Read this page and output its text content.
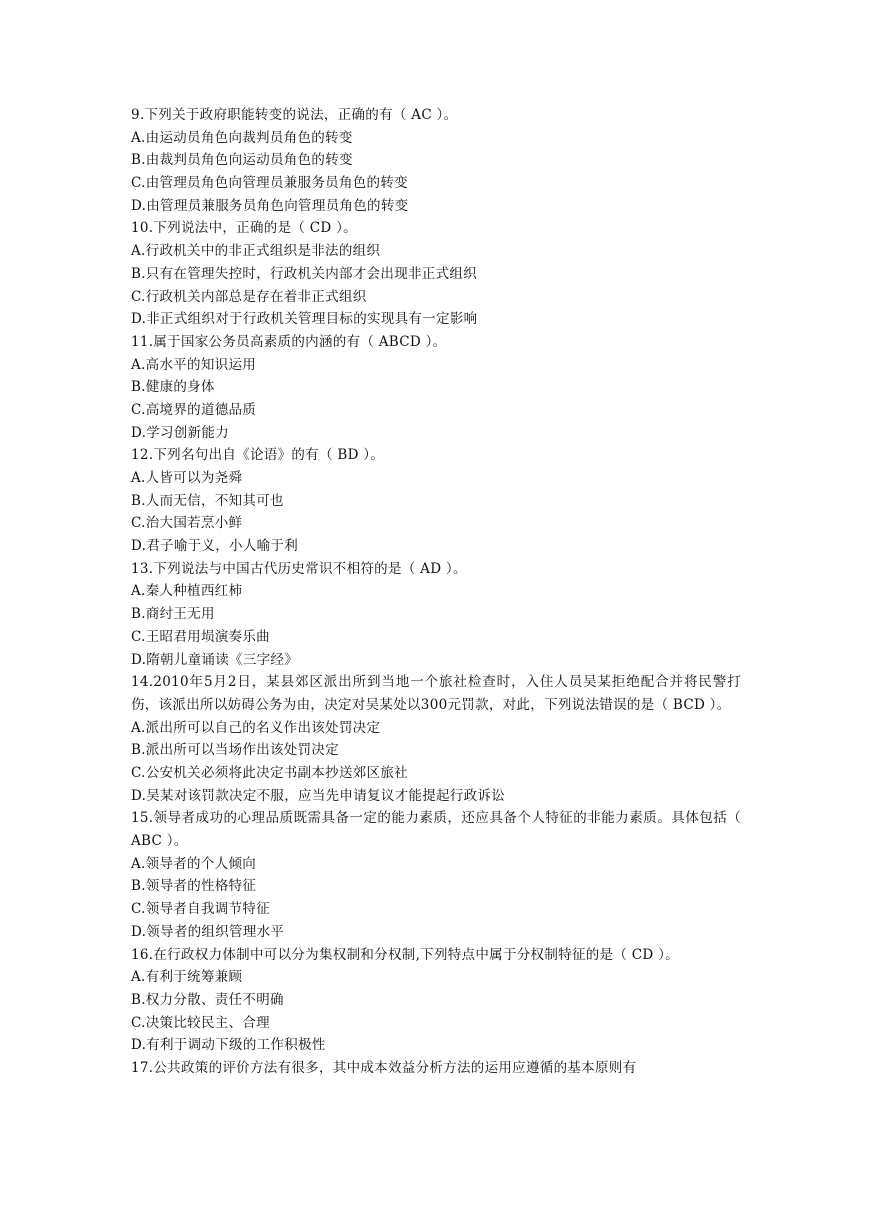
9.下列关于政府职能转变的说法，正确的有（ AC ）。
A.由运动员角色向裁判员角色的转变
B.由裁判员角色向运动员角色的转变
C.由管理员角色向管理员兼服务员角色的转变
D.由管理员兼服务员角色向管理员角色的转变
10.下列说法中，正确的是（ CD ）。
A.行政机关中的非正式组织是非法的组织
B.只有在管理失控时，行政机关内部才会出现非正式组织
C.行政机关内部总是存在着非正式组织
D.非正式组织对于行政机关管理目标的实现具有一定影响
11.属于国家公务员高素质的内涵的有（ ABCD ）。
A.高水平的知识运用
B.健康的身体
C.高境界的道德品质
D.学习创新能力
12.下列名句出自《论语》的有（ BD ）。
A.人皆可以为尧舜
B.人而无信，不知其可也
C.治大国若烹小鲜
D.君子喻于义，小人喻于利
13.下列说法与中国古代历史常识不相符的是（ AD ）。
A.秦人种植西红柿
B.商纣王无用
C.王昭君用埙演奏乐曲
D.隋朝儿童诵读《三字经》
14.2010年5月2日，某县郊区派出所到当地一个旅社检查时，入住人员吴某拒绝配合并将民警打伤，该派出所以妨碍公务为由，决定对吴某处以300元罚款，对此，下列说法错误的是（ BCD ）。
A.派出所可以自己的名义作出该处罚决定
B.派出所可以当场作出该处罚决定
C.公安机关必须将此决定书副本抄送郊区旅社
D.吴某对该罚款决定不服，应当先申请复议才能提起行政诉讼
15.领导者成功的心理品质既需具备一定的能力素质，还应具备个人特征的非能力素质。具体包括（ ABC ）。
A.领导者的个人倾向
B.领导者的性格特征
C.领导者自我调节特征
D.领导者的组织管理水平
16.在行政权力体制中可以分为集权制和分权制,下列特点中属于分权制特征的是（ CD ）。
A.有利于统筹兼顾
B.权力分散、责任不明确
C.决策比较民主、合理
D.有利于调动下级的工作积极性
17.公共政策的评价方法有很多，其中成本效益分析方法的运用应遵循的基本原则有
